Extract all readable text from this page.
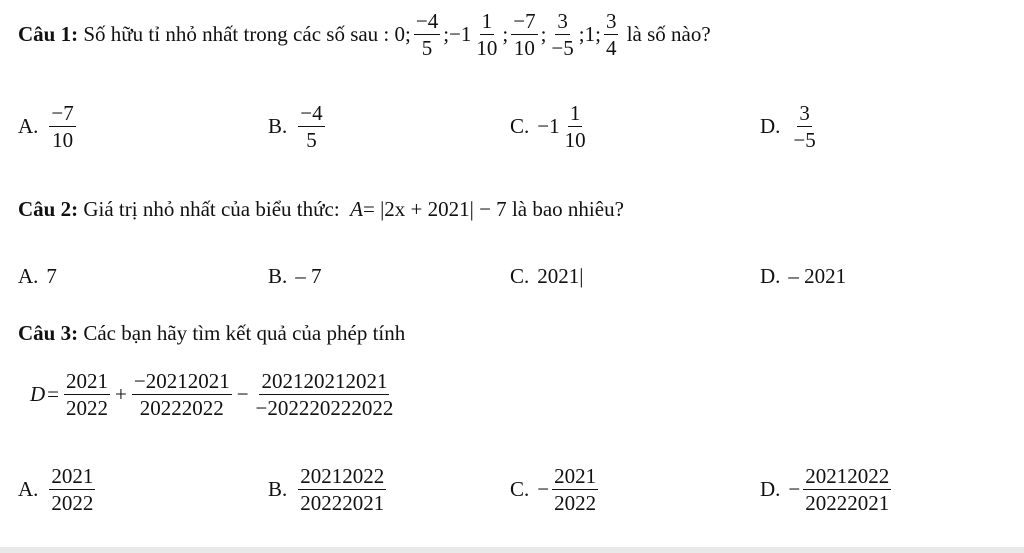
Câu 1:
Số hữu tỉ nhỏ nhất trong các số sau : 0; $\frac{-4}{5}$ ; $-1 \frac{1}{10}$ ; $\frac{-7}{10}$ ; $\frac{3}{-5}$ ;1; $\frac{3}{4}$
là số nào?
A. $\frac{-7}{10}$	B. $\frac{-4}{5}$	C. $-1 \frac{1}{10}$	D. $\frac{3}{-5}$
Câu 2:
Giá trị nhỏ nhất của biểu thức:
A = |2x + 2021| − 7
là bao nhiêu?
A. 7	B. – 7	C. 2021|	D. – 2021
Câu 3:
Các bạn hãy tìm kết quả của phép tính
$D = \frac{2021}{2022} + \frac{-20212021}{20222022} - \frac{202120212021}{-202220222022}$
A. $\frac{2021}{2022}$	B. $\frac{20212022}{20222021}$	C. − $\frac{2021}{2022}$	D. − $\frac{20212022}{20222021}$
